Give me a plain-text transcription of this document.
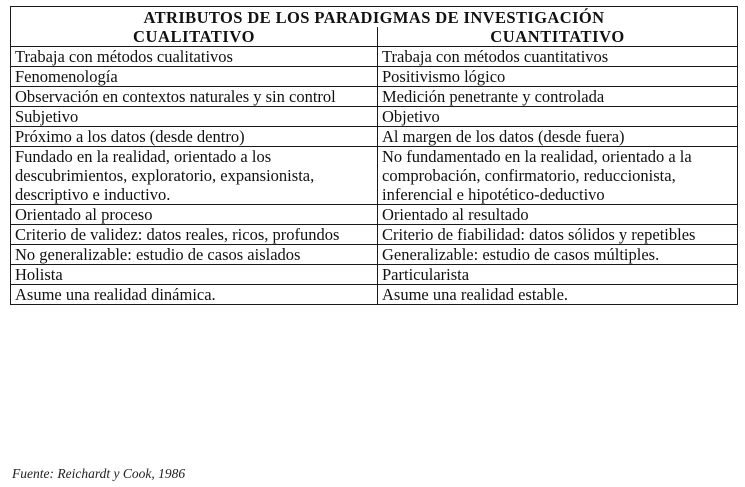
ATRIBUTOS DE LOS PARADIGMAS DE INVESTIGACIÓN	
CUALITATIVO	CUANTITATIVO
Trabaja con métodos cualitativos	Trabaja con métodos cuantitativos
Fenomenología	Positivismo lógico
Observación en contextos naturales y sin control	Medición penetrante y controlada
Subjetivo	Objetivo
Próximo a los datos (desde dentro)	Al margen de los datos (desde fuera)
Fundado en la realidad, orientado a los descubrimientos, exploratorio, expansionista, descriptivo e inductivo.	No fundamentado en la realidad, orientado a la comprobación, confirmatorio, reduccionista, inferencial e hipotético-deductivo
Orientado al proceso	Orientado al resultado
Criterio de validez: datos reales, ricos, profundos	Criterio de fiabilidad: datos sólidos y repetibles
No generalizable: estudio de casos aislados	Generalizable: estudio de casos múltiples.
Holista	Particularista
Asume una realidad dinámica.	Asume una realidad estable.
Fuente: Reichardt y Cook, 1986
